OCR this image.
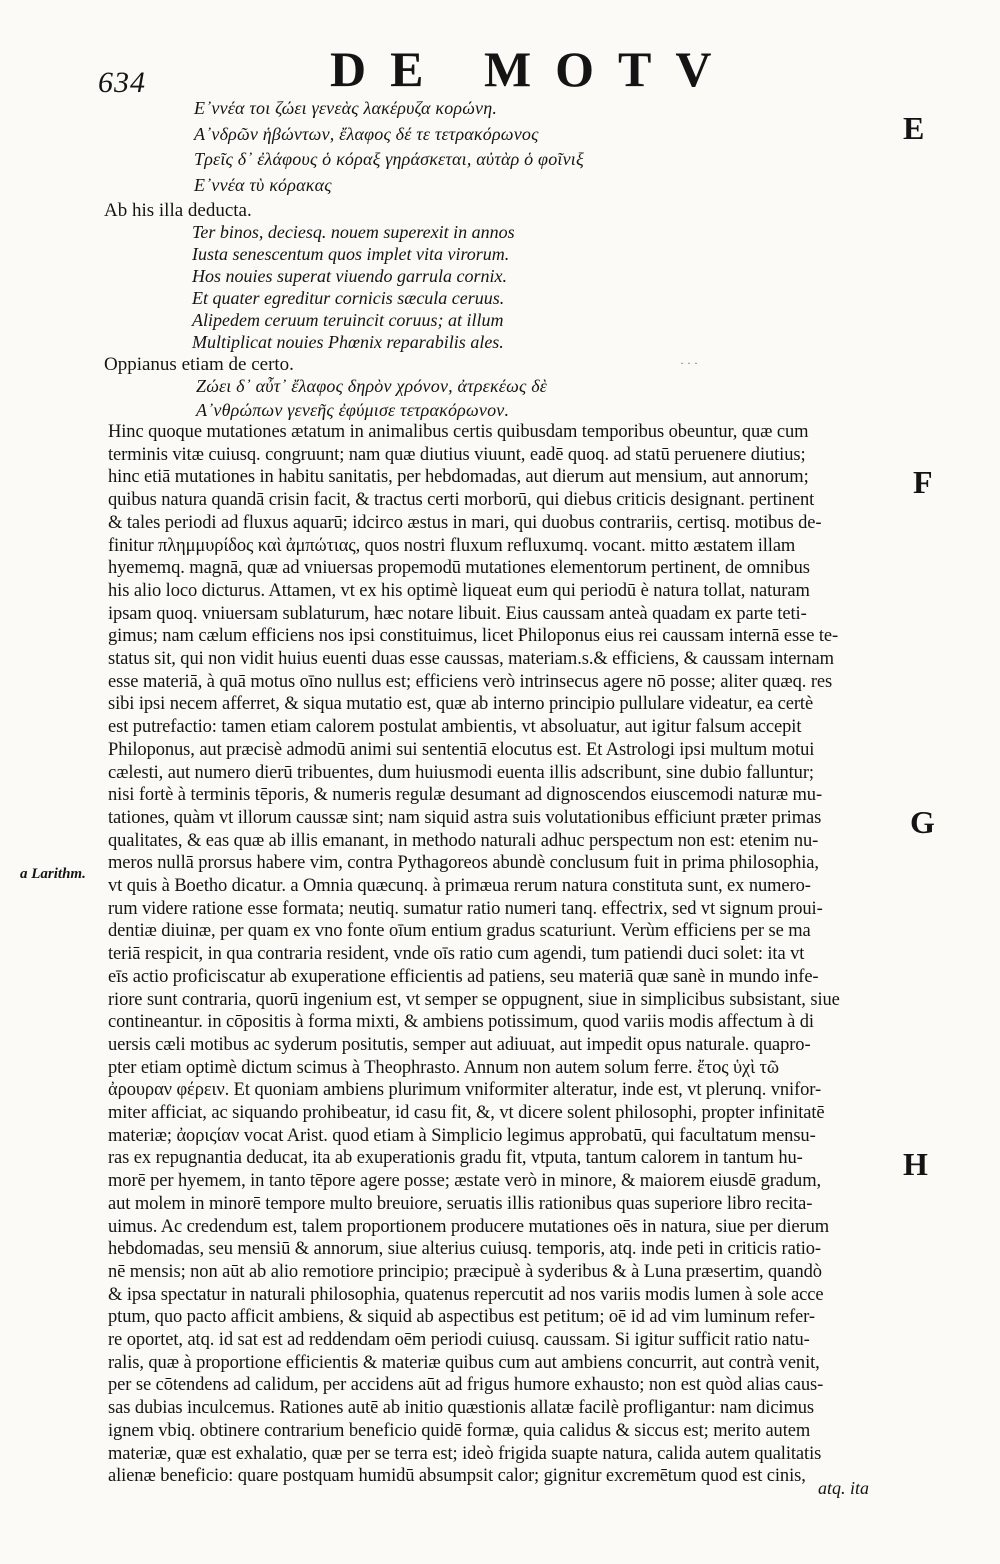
634	DE MOTV
E
F
G
H
a Larithm.
· · ·
Ε᾽ννέα τοι ζώει γενεὰς λακέρυζα κορώνη.
Α᾽νδρῶν ἡβώντων, ἔλαφος δέ τε τετρακόρωνος
Τρεῖς δ᾽ ἐλάφους ὁ κόραξ γηράσκεται, αὐτὰρ ὁ φοῖνιξ
Ε᾽ννέα τὺ κόρακας
Ab his illa deducta.
Ter binos, deciesq. nouem superexit in annos
Iusta senescentum quos implet vita virorum.
Hos nouies superat viuendo garrula cornix.
Et quater egreditur cornicis sæcula ceruus.
Alipedem ceruum teruincit coruus; at illum
Multiplicat nouies Phœnix reparabilis ales.
Oppianus etiam de certo.
Ζώει δ᾽ αὖτ᾽ ἔλαφος δηρὸν χρόνον, ἀτρεκέως δὲ
Α᾽νθρώπων γενεῆς ἐφύμισε τετρακόρωνον.
Hinc quoque mutationes ætatum in animalibus certis quibusdam temporibus obeuntur, quæ cum
terminis vitæ cuiusq. congruunt; nam quæ diutius viuunt, eadē quoq. ad statū peruenere diutius;
hinc etiā mutationes in habitu sanitatis, per hebdomadas, aut dierum aut mensium, aut annorum;
quibus natura quandā crisin facit, & tractus certi morborū, qui diebus criticis designant. pertinent
& tales periodi ad fluxus aquarū; idcirco æstus in mari, qui duobus contrariis, certisq. motibus de-
finitur πλημμυρίδος καὶ ἀμπώτιας, quos nostri fluxum refluxumq. vocant. mitto æstatem illam
hyememq. magnā, quæ ad vniuersas propemodū mutationes elementorum pertinent, de omnibus
his alio loco dicturus. Attamen, vt ex his optimè liqueat eum qui periodū è natura tollat, naturam
ipsam quoq. vniuersam sublaturum, hæc notare libuit. Eius caussam anteà quadam ex parte teti-
gimus; nam cælum efficiens nos ipsi constituimus, licet Philoponus eius rei caussam internā esse te-
status sit, qui non vidit huius euenti duas esse caussas, materiam.s.& efficiens, & caussam internam
esse materiā, à quā motus oīno nullus est; efficiens verò intrinsecus agere nō posse; aliter quæq. res
sibi ipsi necem afferret, & siqua mutatio est, quæ ab interno principio pullulare videatur, ea certè
est putrefactio: tamen etiam calorem postulat ambientis, vt absoluatur, aut igitur falsum accepit
Philoponus, aut præcisè admodū animi sui sententiā elocutus est. Et Astrologi ipsi multum motui
cælesti, aut numero dierū tribuentes, dum huiusmodi euenta illis adscribunt, sine dubio falluntur;
nisi fortè à terminis tēporis, & numeris regulæ desumant ad dignoscendos eiuscemodi naturæ mu-
tationes, quàm vt illorum caussæ sint; nam siquid astra suis volutationibus efficiunt præter primas
qualitates, & eas quæ ab illis emanant, in methodo naturali adhuc perspectum non est: etenim nu-
meros nullā prorsus habere vim, contra Pythagoreos abundè conclusum fuit in prima philosophia,
vt quis à Boetho dicatur. a Omnia quæcunq. à primæua rerum natura constituta sunt, ex numero-
rum videre ratione esse formata; neutiq. sumatur ratio numeri tanq. effectrix, sed vt signum proui-
dentiæ diuinæ, per quam ex vno fonte oīum entium gradus scaturiunt. Verùm efficiens per se ma
teriā respicit, in qua contraria resident, vnde oīs ratio cum agendi, tum patiendi duci solet: ita vt
eīs actio proficiscatur ab exuperatione efficientis ad patiens, seu materiā quæ sanè in mundo infe-
riore sunt contraria, quorū ingenium est, vt semper se oppugnent, siue in simplicibus subsistant, siue
contineantur. in cōpositis à forma mixti, & ambiens potissimum, quod variis modis affectum à di
uersis cæli motibus ac syderum positutis, semper aut adiuuat, aut impedit opus naturale. quapro-
pter etiam optimè dictum scimus à Theophrasto. Annum non autem solum ferre. ἔτος ὑχὶ τῶ
ἀρουραν φέρειν. Et quoniam ambiens plurimum vniformiter alteratur, inde est, vt plerunq. vnifor-
miter afficiat, ac siquando prohibeatur, id casu fit, &, vt dicere solent philosophi, propter infinitatē
materiæ; ἀοριςίαν vocat Arist. quod etiam à Simplicio legimus approbatū, qui facultatum mensu-
ras ex repugnantia deducat, ita ab exuperationis gradu fit, vtputa, tantum calorem in tantum hu-
morē per hyemem, in tanto tēpore agere posse; æstate verò in minore, & maiorem eiusdē gradum,
aut molem in minorē tempore multo breuiore, seruatis illis rationibus quas superiore libro recita-
uimus. Ac credendum est, talem proportionem producere mutationes oēs in natura, siue per dierum
hebdomadas, seu mensiū & annorum, siue alterius cuiusq. temporis, atq. inde peti in criticis ratio-
nē mensis; non aūt ab alio remotiore principio; præcipuè à syderibus & à Luna præsertim, quandò
& ipsa spectatur in naturali philosophia, quatenus repercutit ad nos variis modis lumen à sole acce
ptum, quo pacto afficit ambiens, & siquid ab aspectibus est petitum; oē id ad vim luminum refer-
re oportet, atq. id sat est ad reddendam oēm periodi cuiusq. caussam. Si igitur sufficit ratio natu-
ralis, quæ à proportione efficientis & materiæ quibus cum aut ambiens concurrit, aut contrà venit,
per se cōtendens ad calidum, per accidens aūt ad frigus humore exhausto; non est quòd alias caus-
sas dubias inculcemus. Rationes autē ab initio quæstionis allatæ facilè profligantur: nam dicimus
ignem vbiq. obtinere contrarium beneficio quidē formæ, quia calidus & siccus est; merito autem
materiæ, quæ est exhalatio, quæ per se terra est; ideò frigida suapte natura, calida autem qualitatis
alienæ beneficio: quare postquam humidū absumpsit calor; gignitur excremētum quod est cinis,
atq. ita
